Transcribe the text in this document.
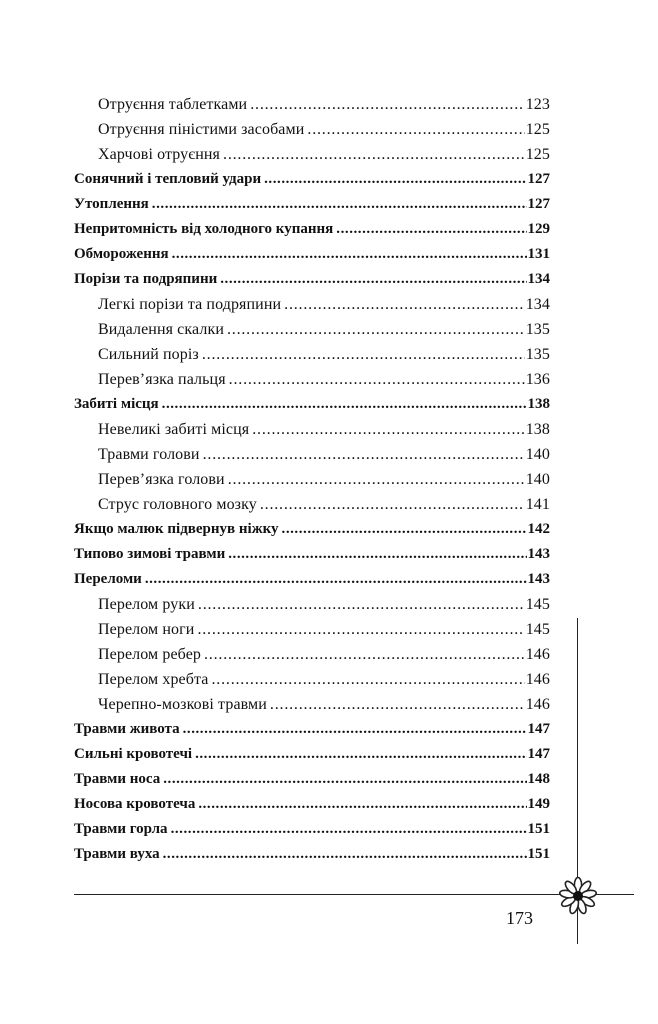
Отруєння таблетками . . .	123
Отруєння піністими засобами . . .	125
Харчові отруєння . . .	125
Сонячний і тепловий удари . . .	127
Утоплення . . .	127
Непритомність від холодного купання . . .	129
Обмороження . . .	131
Порізи та подряпини . . .	134
Легкі порізи та подряпини . . .	134
Видалення скалки . . .	135
Сильний поріз . . .	135
Перев’язка пальця . . .	136
Забиті місця . . .	138
Невеликі забиті місця . . .	138
Травми голови . . .	140
Перев’язка голови . . .	140
Струс головного мозку . . .	141
Якщо малюк підвернув ніжку . . .	142
Типово зимові травми . . .	143
Переломи . . .	143
Перелом руки . . .	145
Перелом ноги . . .	145
Перелом ребер . . .	146
Перелом хребта . . .	146
Черепно-мозкові травми . . .	146
Травми живота . . .	147
Сильні кровотечі . . .	147
Травми носа . . .	148
Носова кровотеча . . .	149
Травми горла . . .	151
Травми вуха . . .	151
173
